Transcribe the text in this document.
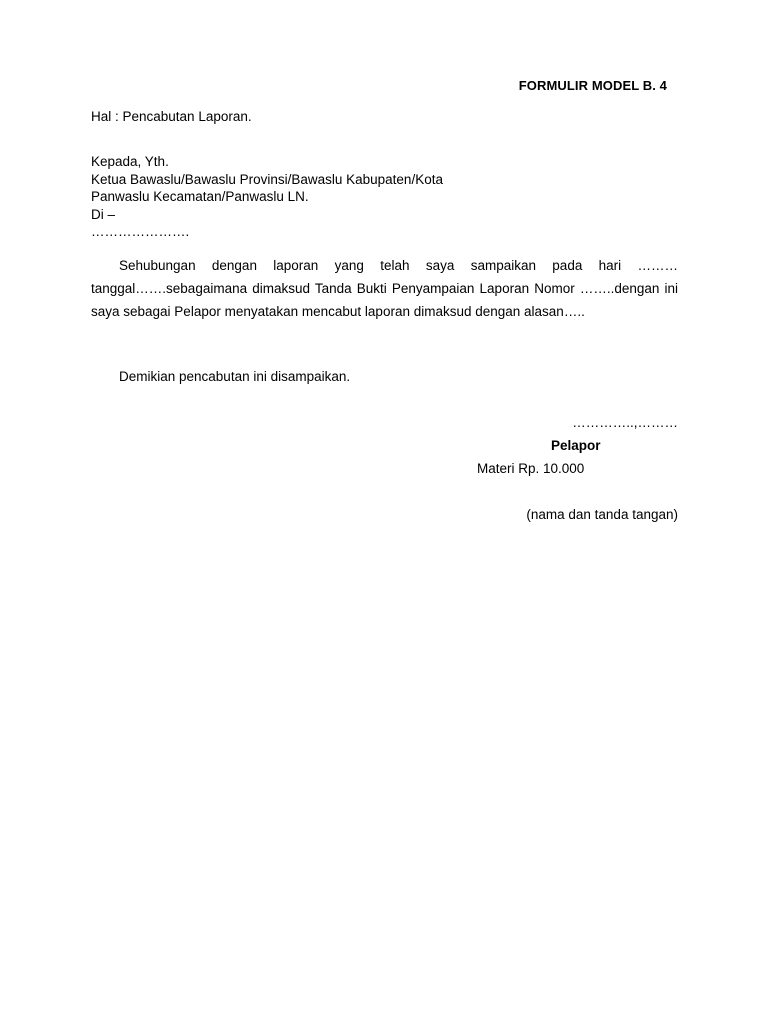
FORMULIR MODEL B. 4
Hal : Pencabutan Laporan.
Kepada, Yth.
Ketua Bawaslu/Bawaslu Provinsi/Bawaslu Kabupaten/Kota
Panwaslu Kecamatan/Panwaslu LN.
Di –
………………….
Sehubungan dengan laporan yang telah saya sampaikan pada hari ……… tanggal…….sebagaimana dimaksud Tanda Bukti Penyampaian Laporan Nomor ……..dengan ini saya sebagai Pelapor menyatakan mencabut laporan dimaksud dengan alasan…..
Demikian pencabutan ini disampaikan.
…………..,………
Pelapor
Materi Rp. 10.000
(nama dan tanda tangan)
